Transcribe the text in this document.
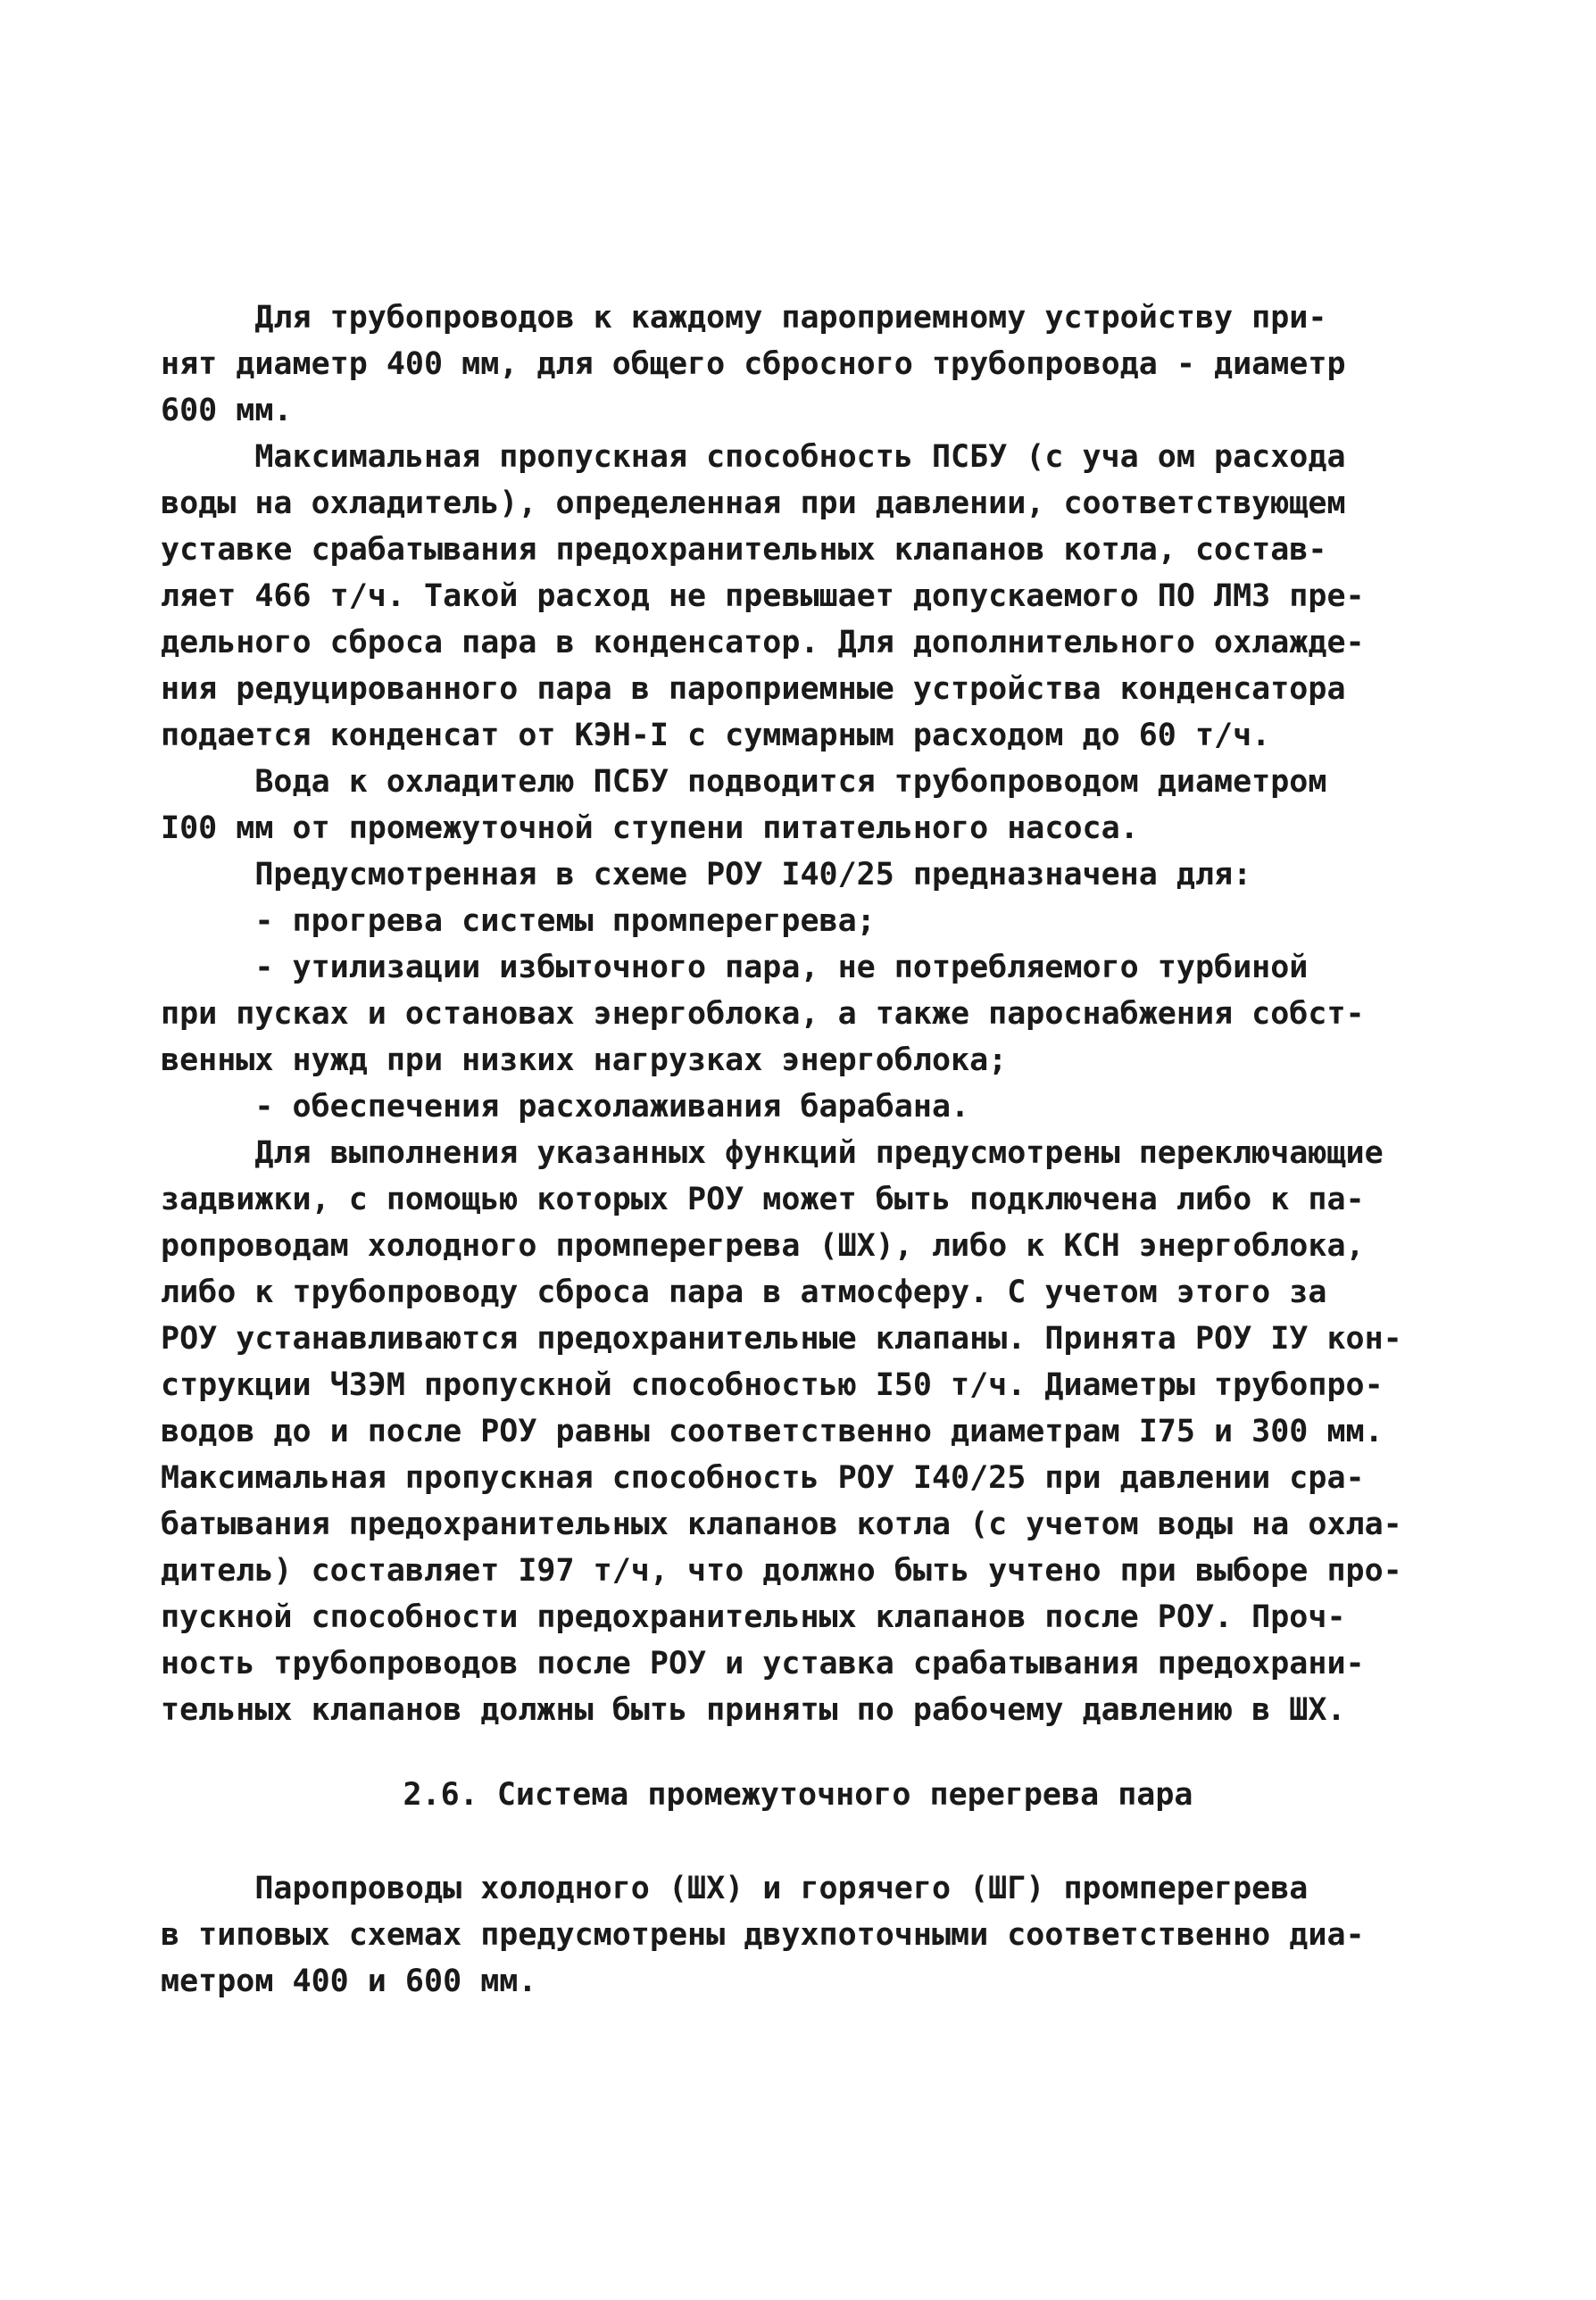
Для трубопроводов к каждому пароприемному устройству при-
нят диаметр 400 мм, для общего сбросного трубопровода - диаметр
600 мм.
Максимальная пропускная способность ПСБУ (с уча ом расхода
воды на охладитель), определенная при давлении, соответствующем
уставке срабатывания предохранительных клапанов котла, состав-
ляет 466 т/ч. Такой расход не превышает допускаемого ПО ЛМЗ пре-
дельного сброса пара в конденсатор. Для дополнительного охлажде-
ния редуцированного пара в пароприемные устройства конденсатора
подается конденсат от КЭН-I с суммарным расходом до 60 т/ч.
Вода к охладителю ПСБУ подводится трубопроводом диаметром
I00 мм от промежуточной ступени питательного насоса.
Предусмотренная в схеме РОУ I40/25 предназначена для:
- прогрева системы промперегрева;
- утилизации избыточного пара, не потребляемого турбиной
при пусках и остановах энергоблока, а также пароснабжения собст-
венных нужд при низких нагрузках энергоблока;
- обеспечения расхолаживания барабана.
Для выполнения указанных функций предусмотрены переключающие
задвижки, с помощью которых РОУ может быть подключена либо к па-
ропроводам холодного промперегрева (ШХ), либо к КСН энергоблока,
либо к трубопроводу сброса пара в атмосферу. С учетом этого за
РОУ устанавливаются предохранительные клапаны. Принята РОУ IУ кон-
струкции ЧЗЭМ пропускной способностью I50 т/ч. Диаметры трубопро-
водов до и после РОУ равны соответственно диаметрам I75 и 300 мм.
Максимальная пропускная способность РОУ I40/25 при давлении сра-
батывания предохранительных клапанов котла (с учетом воды на охла-
дитель) составляет I97 т/ч, что должно быть учтено при выборе про-
пускной способности предохранительных клапанов после РОУ. Проч-
ность трубопроводов после РОУ и уставка срабатывания предохрани-
тельных клапанов должны быть приняты по рабочему давлению в ШХ.
2.6. Система промежуточного перегрева пара
Паропроводы холодного (ШХ) и горячего (ШГ) промперегрева
в типовых схемах предусмотрены двухпоточными соответственно диа-
метром 400 и 600 мм.
